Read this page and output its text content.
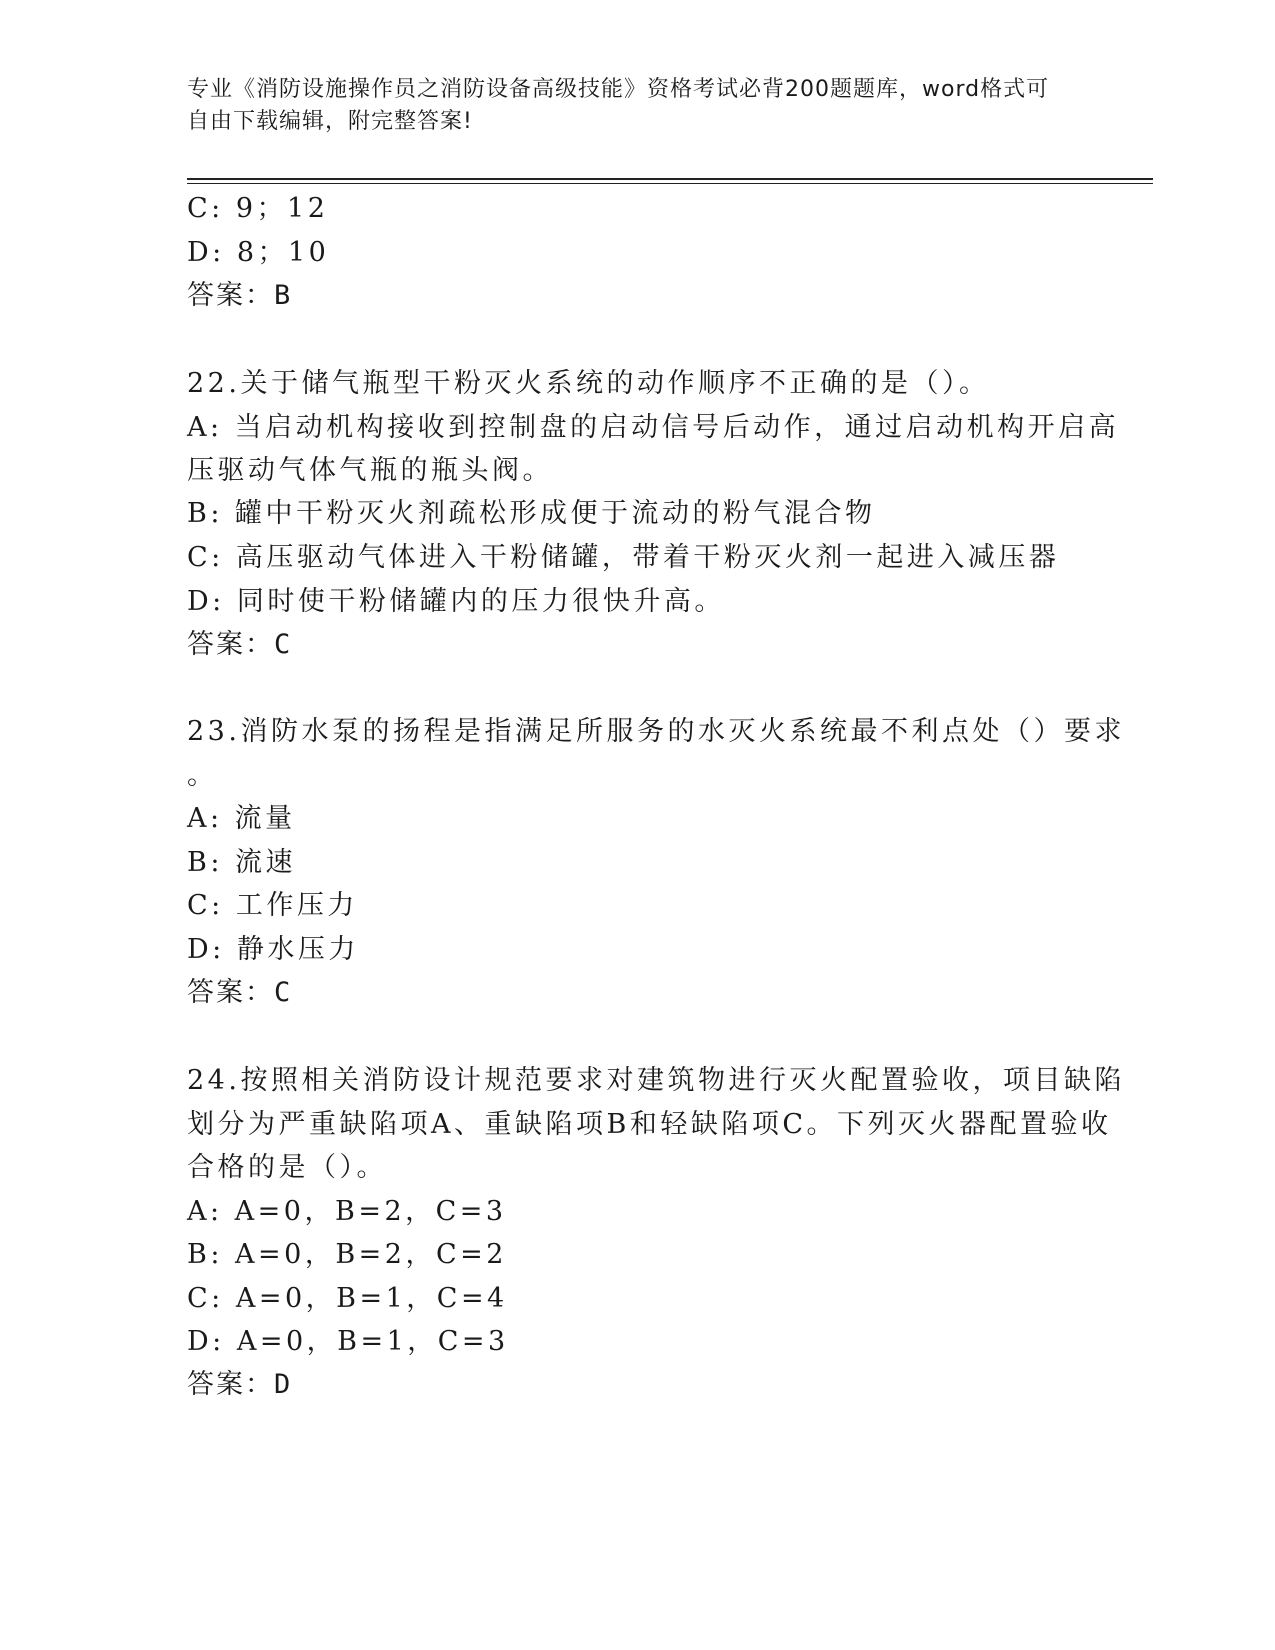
专业《消防设施操作员之消防设备高级技能》资格考试必背200题题库，word格式可自由下载编辑，附完整答案!
C: 9；12
D: 8；10
答案：B
22.关于储气瓶型干粉灭火系统的动作顺序不正确的是（）。
A: 当启动机构接收到控制盘的启动信号后动作，通过启动机构开启高
压驱动气体气瓶的瓶头阀。
B: 罐中干粉灭火剂疏松形成便于流动的粉气混合物
C: 高压驱动气体进入干粉储罐，带着干粉灭火剂一起进入减压器
D: 同时使干粉储罐内的压力很快升高。
答案：C
23.消防水泵的扬程是指满足所服务的水灭火系统最不利点处（）要求
。
A: 流量
B: 流速
C: 工作压力
D: 静水压力
答案：C
24.按照相关消防设计规范要求对建筑物进行灭火配置验收，项目缺陷
划分为严重缺陷项A、重缺陷项B和轻缺陷项C。下列灭火器配置验收
合格的是（）。
A: A=0，B=2，C=3
B: A=0，B=2，C=2
C: A=0，B=1，C=4
D: A=0，B=1，C=3
答案：D
